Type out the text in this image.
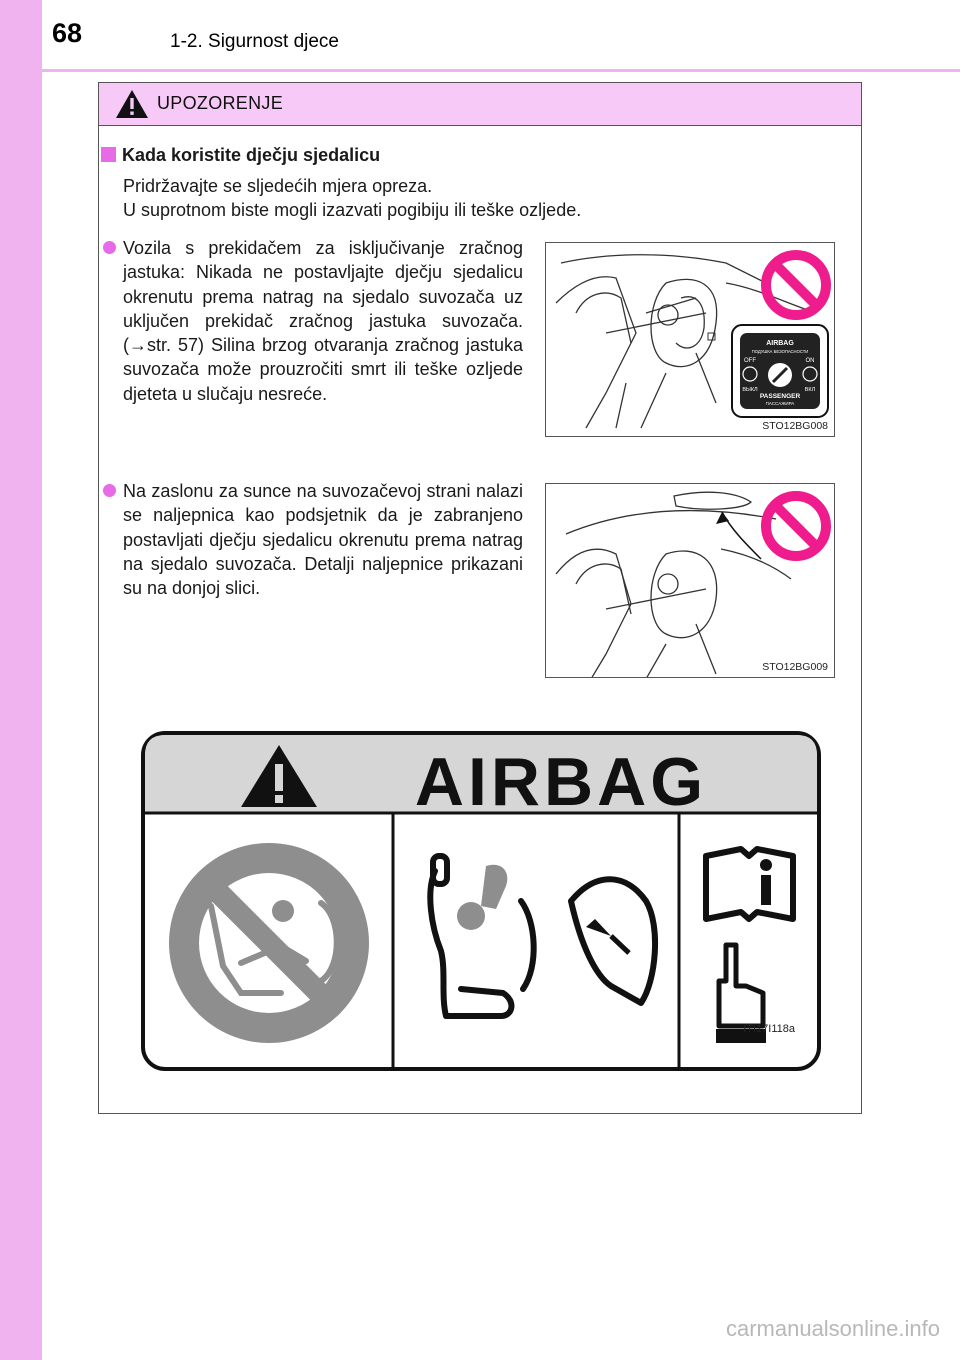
68	1-2. Sigurnost djece
UPOZORENJE
Kada koristite dječju sjedalicu
Pridržavajte se sljedećih mjera opreza.
U suprotnom biste mogli izazvati pogibiju ili teške ozljede.
Vozila s prekidačem za isključivanje zračnog jastuka: Nikada ne postavljajte dječju sjedalicu okrenutu prema natrag na sjedalo suvozača uz uključen prekidač zračnog jastuka suvozača. (→str. 57) Silina brzog otvaranja zračnog jastuka suvozača može prouzročiti smrt ili teške ozljede djeteta u slučaju nesreće.
AIRBAG
ПОДУШКА БЕЗОПАСНОСТИ
OFF	ON
ВЫКЛ	ВКЛ
PASSENGER
ПАССАЖИРА
STO12BG008
Na zaslonu za sunce na suvozačevoj strani nalazi se naljepnica kao podsjetnik da je zabranjeno postavljati dječju sjedalicu okrenutu prema natrag na sjedalo suvozača. Detalji naljepnice prikazani su na donjoj slici.
STO12BG009
AIRBAG
ITI17I118a
carmanualsonline.info
